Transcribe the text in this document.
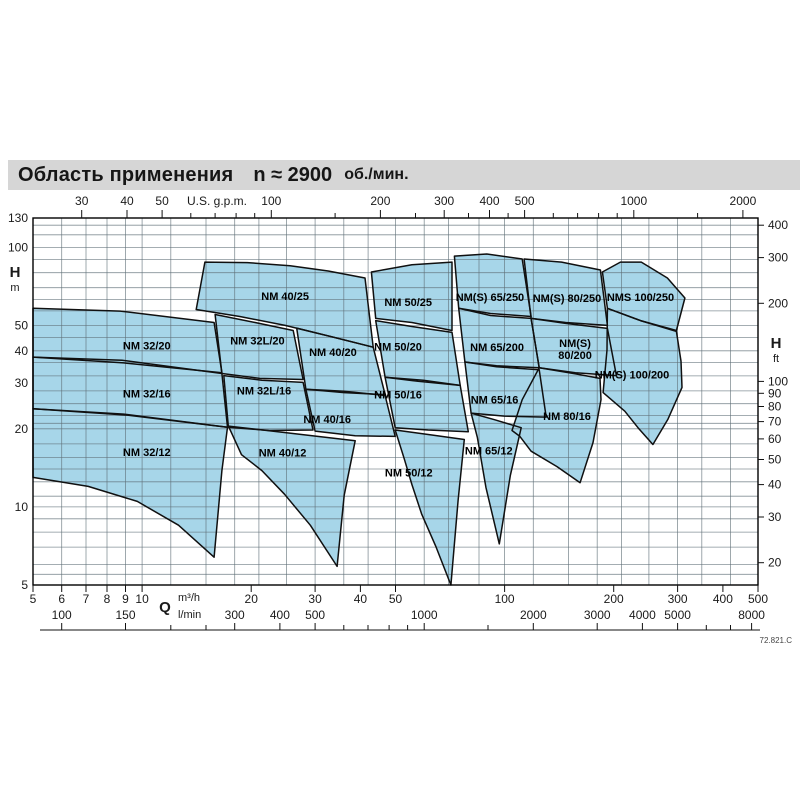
Область применения n ≈ 2900 об./мин.
NM 32/20
NM 32/16
NM 32/12
NM 32L/20
NM 32L/16
NM 40/25
NM 40/20
NM 40/16
NM 40/12
NM 50/25
NM 50/20
NM 50/16
NM 50/12
NM(S) 65/250
NM 65/200
NM 65/16
NM 65/12
NM(S) 80/250
NM(S)
80/200
NM 80/16
NMS 100/250
NM(S) 100/200
30	40 50	100	200	300 400 500	1000	2000
U.S. g.p.m.
5
10
20
30
40
50
100
130
H
m
20
30
40
50
60
70
80
90
100
200
300
400
H
ft
5 6 7 8 9 10	20	30	40 50	100	200	300 400 500
Q
m³/h
l/min
100	150	300 400 500	1000	2000	3000 4000 5000	8000
72.821.C
